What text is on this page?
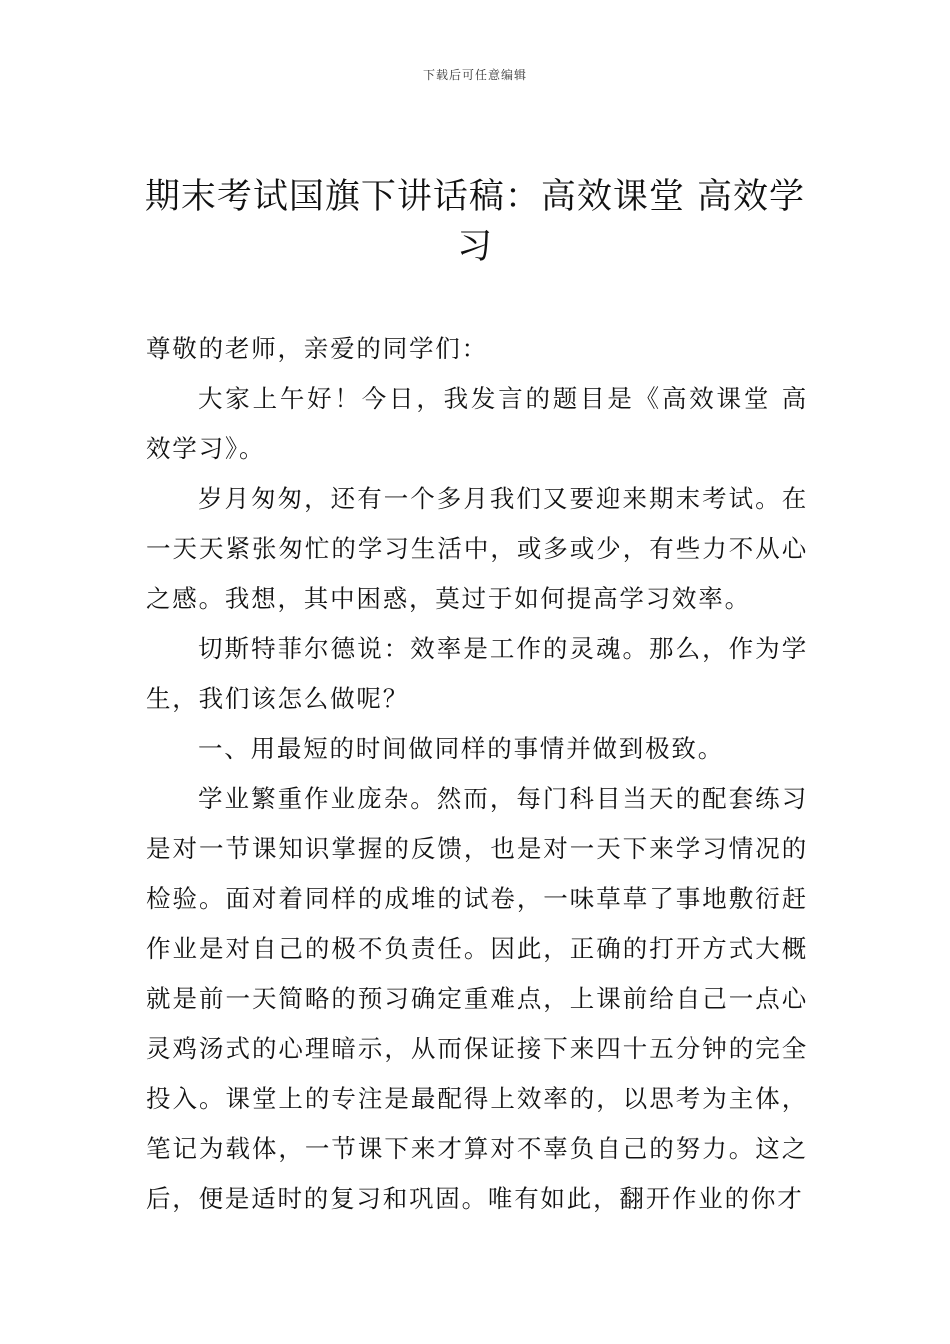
下载后可任意编辑
期末考试国旗下讲话稿：高效课堂 高效学习

尊敬的老师，亲爱的同学们：

大家上午好！今日，我发言的题目是《高效课堂 高效学习》。

岁月匆匆，还有一个多月我们又要迎来期末考试。在一天天紧张匆忙的学习生活中，或多或少，有些力不从心之感。我想，其中困惑，莫过于如何提高学习效率。

切斯特菲尔德说：效率是工作的灵魂。那么，作为学生，我们该怎么做呢？

一、用最短的时间做同样的事情并做到极致。

学业繁重作业庞杂。然而，每门科目当天的配套练习是对一节课知识掌握的反馈，也是对一天下来学习情况的检验。面对着同样的成堆的试卷，一味草草了事地敷衍赶作业是对自己的极不负责任。因此，正确的打开方式大概就是前一天简略的预习确定重难点，上课前给自己一点心灵鸡汤式的心理暗示，从而保证接下来四十五分钟的完全投入。课堂上的专注是最配得上效率的，以思考为主体，笔记为载体，一节课下来才算对不辜负自己的努力。这之后，便是适时的复习和巩固。唯有如此，翻开作业的你才
